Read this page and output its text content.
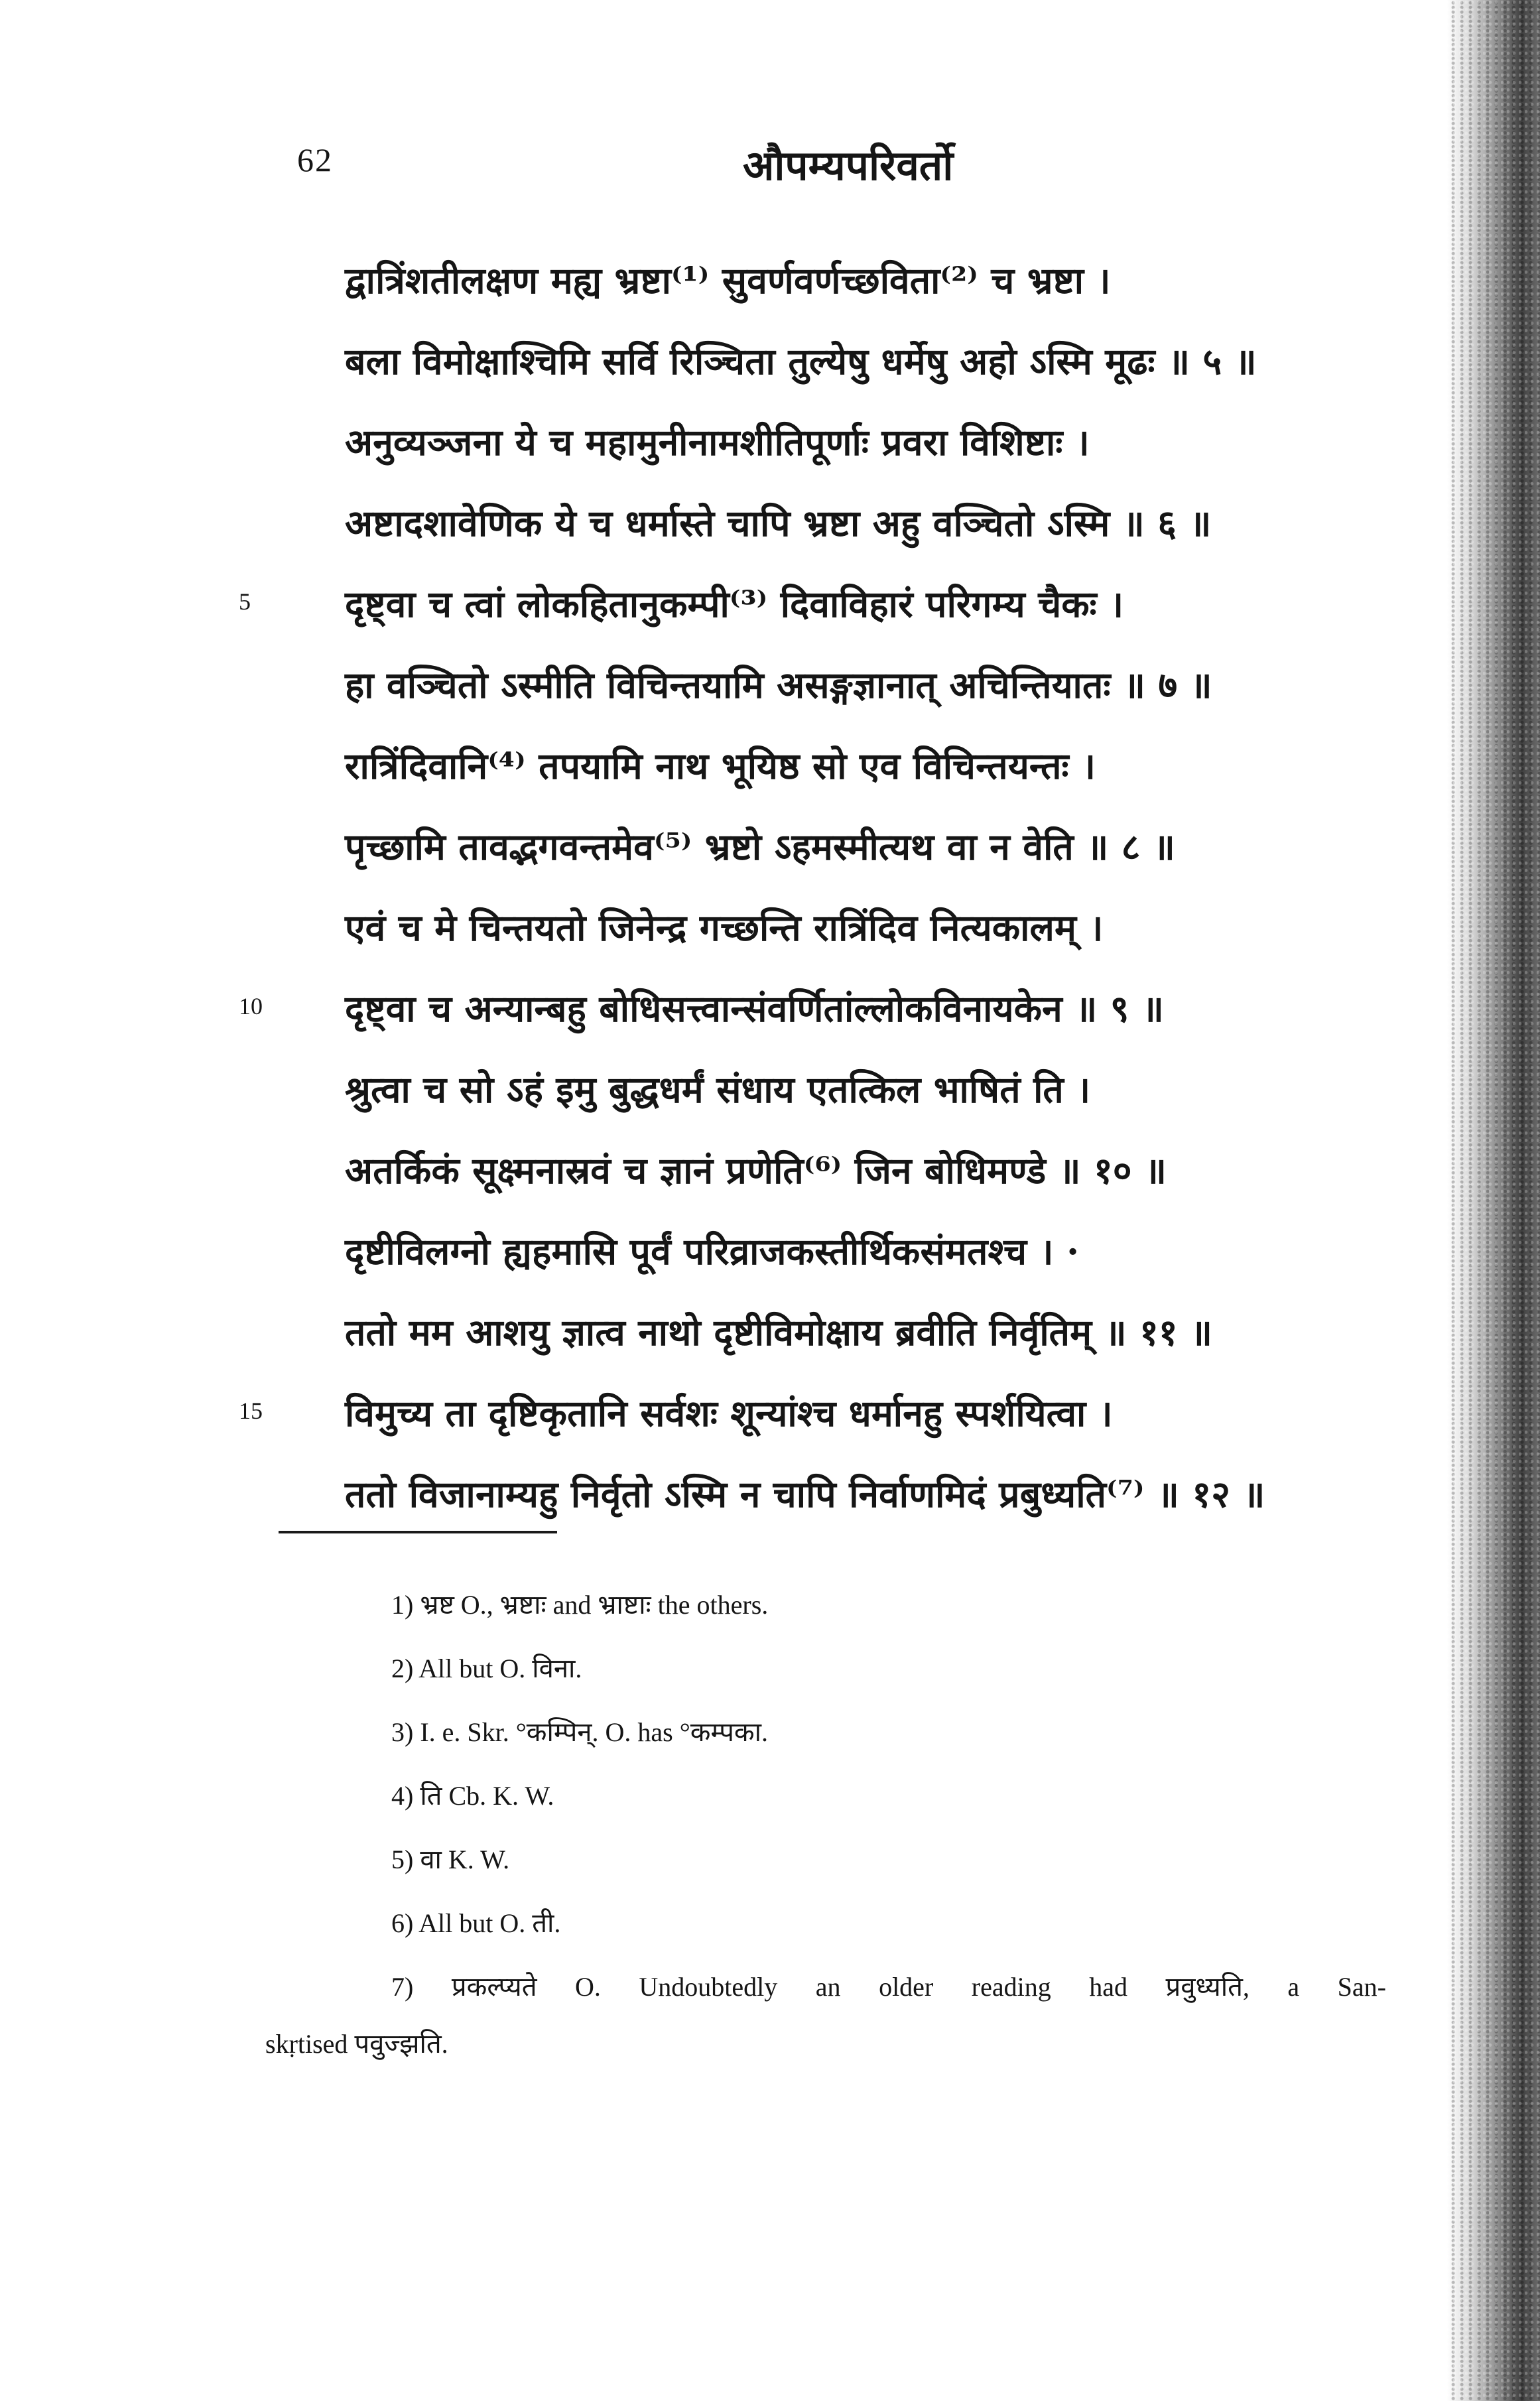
62	औपम्यपरिवर्तो
द्वात्रिंशतीलक्षण मह्य भ्रष्टा⁽¹⁾ सुवर्णवर्णच्छविता⁽²⁾ च भ्रष्टा ।
बला विमोक्षाश्चिमि सर्वि रिञ्चिता तुल्येषु धर्मेषु अहो ऽस्मि मूढः ॥ ५ ॥
अनुव्यञ्जना ये च महामुनीनामशीतिपूर्णाः प्रवरा विशिष्टाः ।
अष्टादशावेणिक ये च धर्मास्ते चापि भ्रष्टा अहु वञ्चितो ऽस्मि ॥ ६ ॥
5	दृष्ट्वा च त्वां लोकहितानुकम्पी⁽³⁾ दिवाविहारं परिगम्य चैकः ।
हा वञ्चितो ऽस्मीति विचिन्तयामि असङ्गज्ञानात् अचिन्तियातः ॥ ७ ॥
रात्रिंदिवानि⁽⁴⁾ तपयामि नाथ भूयिष्ठ सो एव विचिन्तयन्तः ।
पृच्छामि तावद्भगवन्तमेव⁽⁵⁾ भ्रष्टो ऽहमस्मीत्यथ वा न वेति ॥ ८ ॥
एवं च मे चिन्तयतो जिनेन्द्र गच्छन्ति रात्रिंदिव नित्यकालम् ।
10 दृष्ट्वा च अन्यान्बहु बोधिसत्त्वान्संवर्णितांल्लोकविनायकेन ॥ ९ ॥
श्रुत्वा च सो ऽहं इमु बुद्धधर्मं संधाय एतत्किल भाषितं ति ।
अतर्किकं सूक्ष्मनास्रवं च ज्ञानं प्रणेति⁽⁶⁾ जिन बोधिमण्डे ॥ १० ॥
दृष्टीविलग्नो ह्यहमासि पूर्वं परिव्राजकस्तीर्थिकसंमतश्च । ·
ततो मम आशयु ज्ञात्व नाथो दृष्टीविमोक्षाय ब्रवीति निर्वृतिम् ॥ ११ ॥
15 विमुच्य ता दृष्टिकृतानि सर्वशः शून्यांश्च धर्मानहु स्पर्शयित्वा ।
ततो विजानाम्यहु निर्वृतो ऽस्मि न चापि निर्वाणमिदं प्रबुध्यति⁽⁷⁾ ॥ १२ ॥
1) भ्रष्ट O., भ्रष्टाः and भ्राष्टाः the others.
2) All but O. विना.
3) I. e. Skr. °कम्पिन्. O. has °कम्पका.
4) ति Cb. K. W.
5) वा K. W.
6) All but O. ती.
7) प्रकल्प्यते O. Undoubtedly an older reading had प्रवुध्यति, a San-
skṛtised पवुज्झति.
